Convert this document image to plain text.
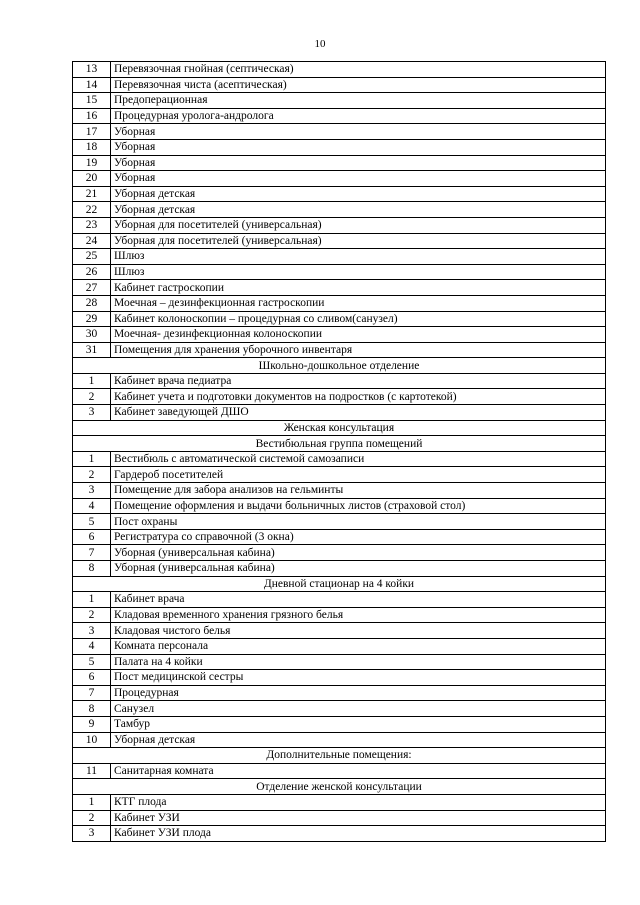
10
13	Перевязочная гнойная (септическая)
14	Перевязочная чиста (асептическая)
15	Предоперационная
16	Процедурная уролога-андролога
17	Уборная
18	Уборная
19	Уборная
20	Уборная
21	Уборная детская
22	Уборная детская
23	Уборная для посетителей (универсальная)
24	Уборная для посетителей (универсальная)
25	Шлюз
26	Шлюз
27	Кабинет гастроскопии
28	Моечная – дезинфекционная гастроскопии
29	Кабинет колоноскопии – процедурная со сливом(санузел)
30	Моечная- дезинфекционная колоноскопии
31	Помещения для хранения уборочного инвентаря
Школьно-дошкольное отделение	
1	Кабинет врача педиатра
2	Кабинет учета и подготовки документов на подростков (с картотекой)
3	Кабинет заведующей ДШО
Женская консультация	
Вестибюльная группа помещений	
1	Вестибюль с автоматической системой самозаписи
2	Гардероб посетителей
3	Помещение для забора анализов на гельминты
4	Помещение оформления и выдачи больничных листов (страховой стол)
5	Пост охраны
6	Регистратура со справочной (3 окна)
7	Уборная (универсальная кабина)
8	Уборная (универсальная кабина)
Дневной стационар на 4 койки	
1	Кабинет врача
2	Кладовая временного хранения грязного белья
3	Кладовая чистого белья
4	Комната персонала
5	Палата на 4 койки
6	Пост медицинской сестры
7	Процедурная
8	Санузел
9	Тамбур
10	Уборная детская
Дополнительные помещения:	
11	Санитарная комната
Отделение женской консультации	
1	КТГ плода
2	Кабинет УЗИ
3	Кабинет УЗИ плода
